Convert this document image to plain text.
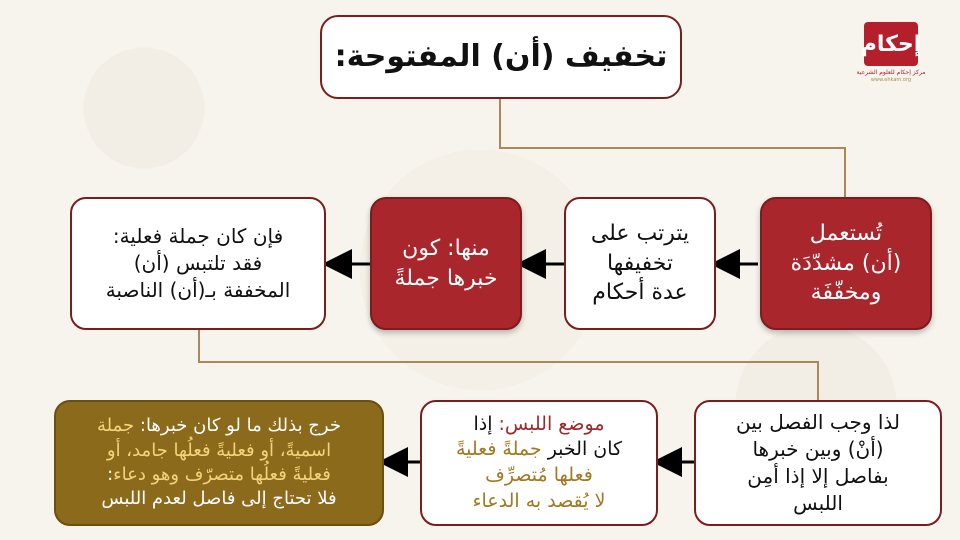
تخفيف (أن) المفتوحة:	إحكام
مركز إحكام للعلوم الشرعية
www.ehkam.org
تُستعمل
(أن) مشدّدَة
ومخفّفَة
يترتب على
تخفيفها
عدة أحكام
منها: كون
خبرها جملةً
فإن كان جملة فعلية:
فقد تلتبس (أن)
المخففة بـ(أن) الناصبة
لذا وجب الفصل بين
(أنْ) وبين خبرها
بفاصل إلا إذا أمِن
اللبس
موضع اللبس: إذا
كان الخبر جملةً فعليةً
فعلها مُتصرِّف
لا يُقصد به الدعاء
خرج بذلك ما لو كان خبرها: جملة
اسميةً، أو فعليةً فعلُها جامد، أو
فعليةً فعلُها متصرّف وهو دعاء:
فلا تحتاج إلى فاصل لعدم اللبس
